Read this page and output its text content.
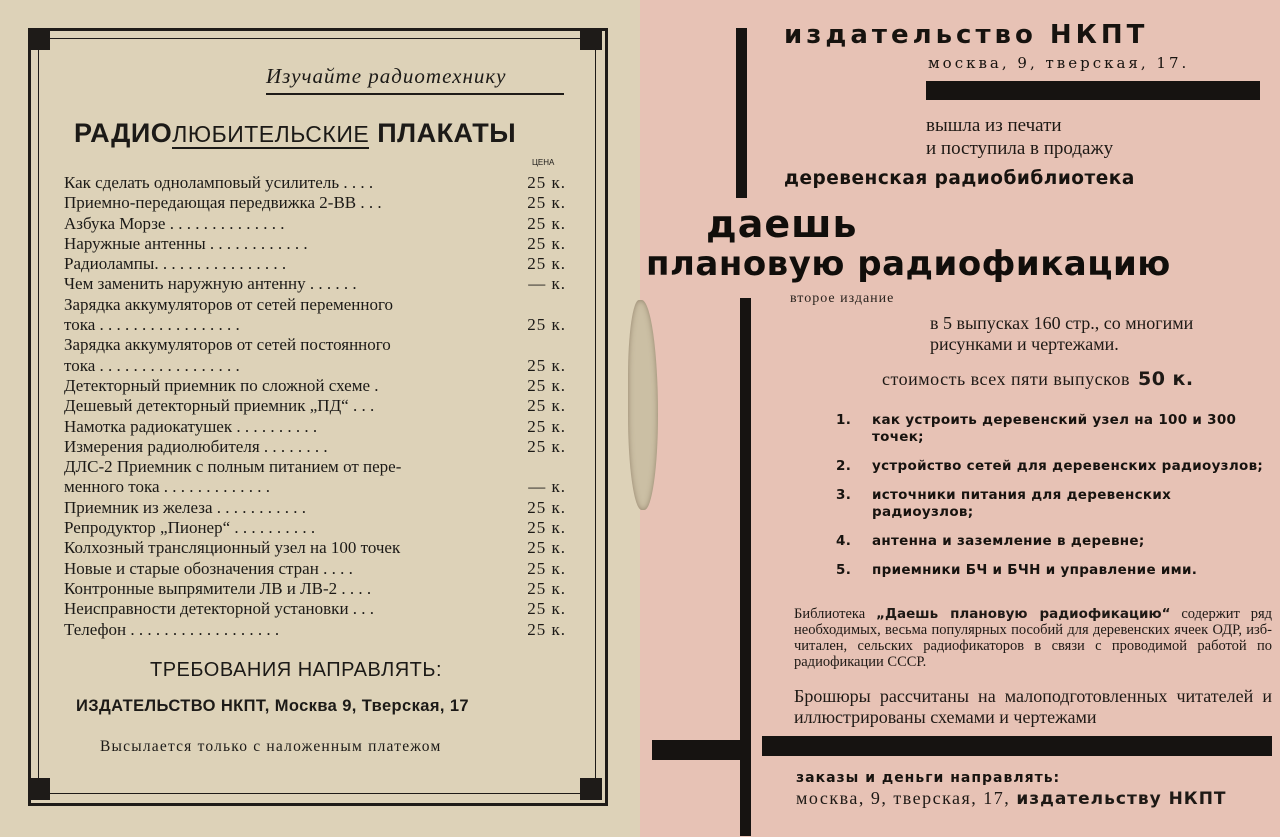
Изучайте радиотехнику
РАДИОЛЮБИТЕЛЬСКИЕ ПЛАКАТЫ
ЦЕНА
Как сделать однолампoвый усилитель . . . .	25 к.
Приемно-передающая передвижка 2-ВВ . . .	25 к.
Азбука Морзе . . . . . . . . . . . . . .	25 к.
Наружные антенны . . . . . . . . . . . .	25 к.
Радиолампы. . . . . . . . . . . . . . . .	25 к.
Чем заменить наружную антенну . . . . . .	— к.
Зарядка аккумуляторов от сетей переменного
тока . . . . . . . . . . . . . . . . .	25 к.
Зарядка аккумуляторов от сетей постоянного
тока . . . . . . . . . . . . . . . . .	25 к.
Детекторный приемник по сложной схеме .	25 к.
Дешевый детекторный приемник „ПД“ . . .	25 к.
Намотка радиокатушек . . . . . . . . . .	25 к.
Измерения радиолюбителя . . . . . . . .	25 к.
ДЛС-2 Приемник с полным питанием от пере-
менного тока . . . . . . . . . . . . .	— к.
Приемник из железа . . . . . . . . . . .	25 к.
Репродуктор „Пионер“ . . . . . . . . . .	25 к.
Колхозный трансляционный узел на 100 точек	25 к.
Новые и старые обозначения стран . . . .	25 к.
Контронные выпрямители ЛВ и ЛВ-2 . . . .	25 к.
Неисправности детекторной установки . . .	25 к.
Телефон . . . . . . . . . . . . . . . . . .	25 к.
ТРЕБОВАНИЯ НАПРАВЛЯТЬ:
ИЗДАТЕЛЬСТВО НКПТ, Москва 9, Тверская, 17
Высылается только с наложенным платежом
издательство НКПТ
москва, 9, тверская, 17.
вышла из печати
и поступила в продажу
деревенская радиобиблиотека
даешь
плановую радиофикацию
второе издание
в 5 выпусках 160 стр., со многими рисунками и чертежами.
стоимость всех пяти выпусков 50 к.
1. как устроить деревенский узел на 100 и 300 точек;
2. устройство сетей для деревенских радиоузлов;
3. источники питания для деревенских радиоузлов;
4. антенна и заземление в деревне;
5. приемники БЧ и БЧН и управление ими.
Библиотека „Даешь плановую радиофикацию“ содержит ряд необходимых, весьма популярных пособий для деревенских ячеек ОДР, изб-читален, сельских радиофикаторов в связи с проводимой работой по радиофикации СССР.
Брошюры рассчитаны на малоподготовленных читателей и иллюстрированы схемами и чертежами
заказы и деньги направлять:
москва, 9, тверская, 17, издательству НКПТ
